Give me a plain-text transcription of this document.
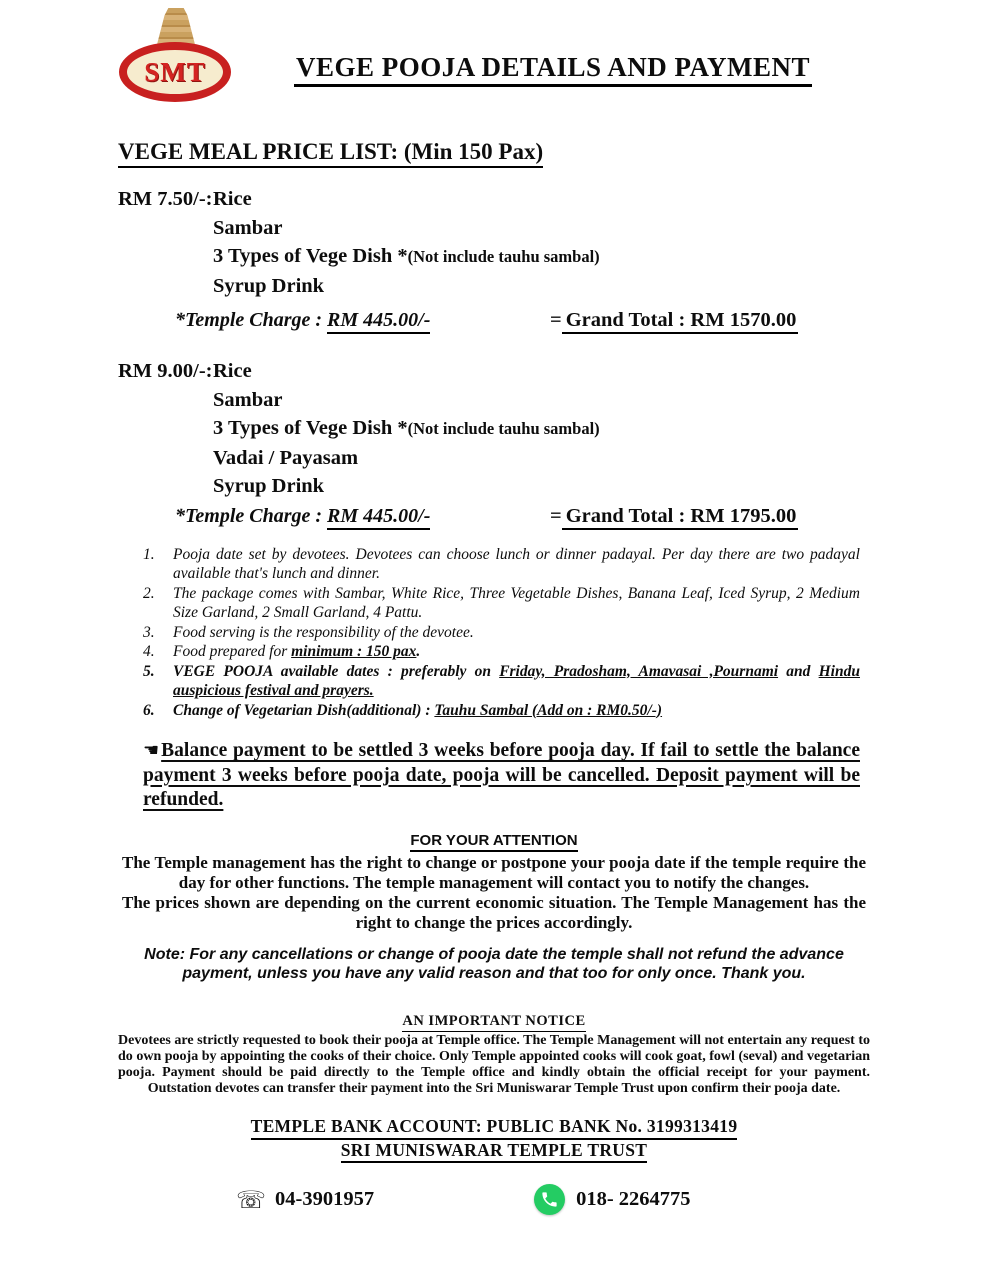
SMT	VEGE POOJA DETAILS AND PAYMENT
VEGE MEAL PRICE LIST: (Min 150 Pax)
RM 7.50/-: Rice
Sambar
3 Types of Vege Dish *(Not include tauhu sambal)
Syrup Drink
*Temple Charge : RM 445.00/-	= Grand Total : RM 1570.00
RM 9.00/-: Rice
Sambar
3 Types of Vege Dish *(Not include tauhu sambal)
Vadai / Payasam
Syrup Drink
*Temple Charge : RM 445.00/-	= Grand Total : RM 1795.00
1.	Pooja date set by devotees. Devotees can choose lunch or dinner padayal. Per day there are two padayal available that's lunch and dinner.
2.	The package comes with Sambar, White Rice, Three Vegetable Dishes, Banana Leaf, Iced Syrup, 2 Medium Size Garland, 2 Small Garland, 4 Pattu.
3.	Food serving is the responsibility of the devotee.
4.	Food prepared for minimum : 150 pax.
5.	VEGE POOJA available dates : preferably on Friday, Pradosham, Amavasai ,Pournami and Hindu auspicious festival and prayers.
6.	Change of Vegetarian Dish(additional) : Tauhu Sambal (Add on : RM0.50/-)

☚ Balance payment to be settled 3 weeks before pooja day. If fail to settle the balance payment 3 weeks before pooja date, pooja will be cancelled. Deposit payment will be refunded.

FOR YOUR ATTENTION

The Temple management has the right to change or postpone your pooja date if the temple require the day for other functions. The temple management will contact you to notify the changes.

The prices shown are depending on the current economic situation. The Temple Management has the right to change the prices accordingly.

Note: For any cancellations or change of pooja date the temple shall not refund the advance payment, unless you have any valid reason and that too for only once. Thank you.

AN IMPORTANT NOTICE

Devotees are strictly requested to book their pooja at Temple office. The Temple Management will not entertain any request to do own pooja by appointing the cooks of their choice. Only Temple appointed cooks will cook goat, fowl (seval) and vegetarian pooja. Payment should be paid directly to the Temple office and kindly obtain the official receipt for your payment. Outstation devotes can transfer their payment into the Sri Muniswarar Temple Trust upon confirm their pooja date.

TEMPLE BANK ACCOUNT: PUBLIC BANK No. 3199313419
SRI MUNISWARAR TEMPLE TRUST
☏ 04-3901957	018- 2264775
